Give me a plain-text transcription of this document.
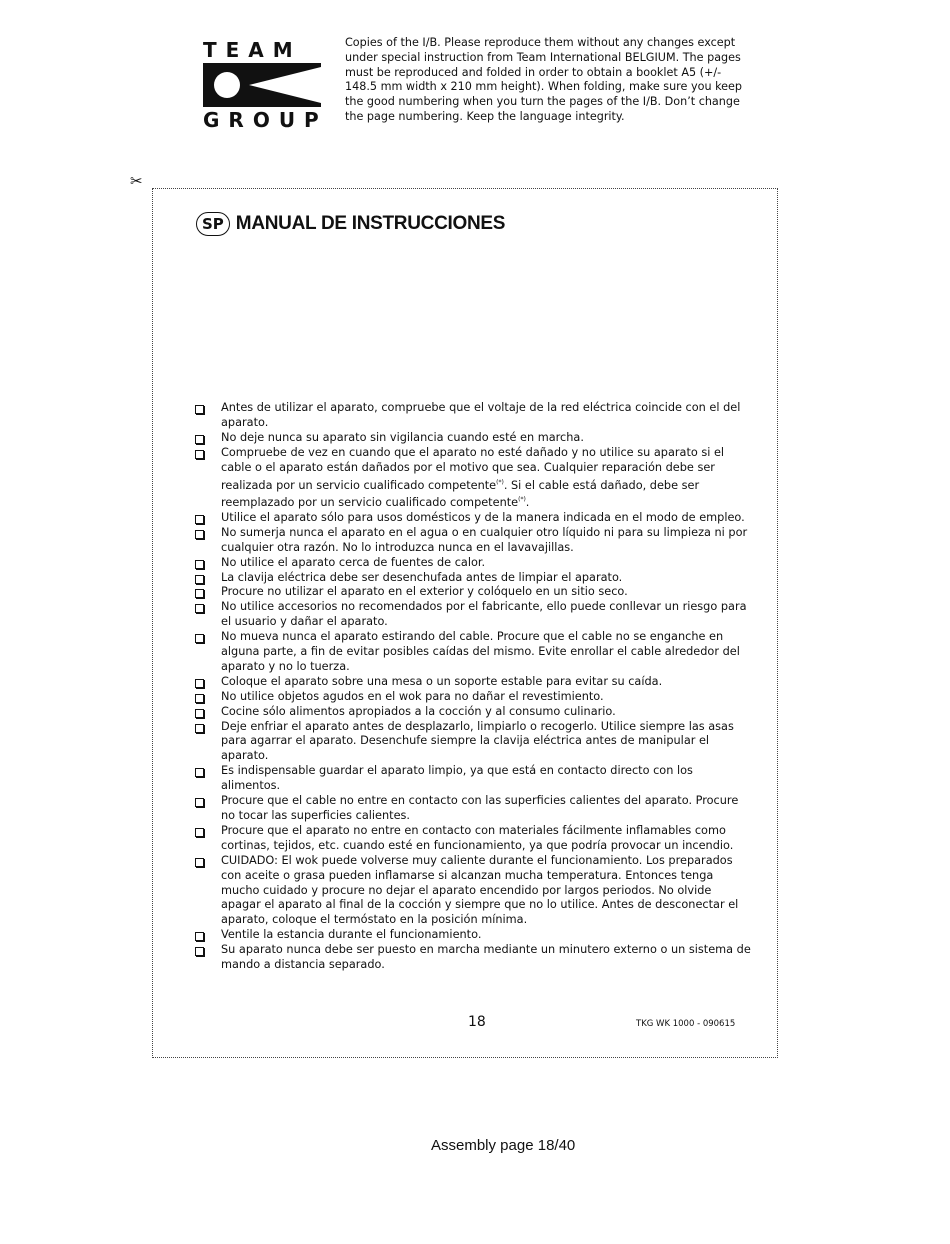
TEAM
GROUP
Copies of the I/B. Please reproduce them without any changes except under special instruction from Team International BELGIUM. The pages must be reproduced and folded in order to obtain a booklet A5 (+/- 148.5 mm width x 210 mm height). When folding, make sure you keep the good numbering when you turn the pages of the I/B. Don’t change the page numbering. Keep the language integrity.
✂
SP MANUAL DE INSTRUCCIONES
Antes de utilizar el aparato, compruebe que el voltaje de la red eléctrica coincide con el del aparato.
No deje nunca su aparato sin vigilancia cuando esté en marcha.
Compruebe de vez en cuando que el aparato no esté dañado y no utilice su aparato si el cable o el aparato están dañados por el motivo que sea. Cualquier reparación debe ser realizada por un servicio cualificado competente(*). Si el cable está dañado, debe ser reemplazado por un servicio cualificado competente(*).
Utilice el aparato sólo para usos domésticos y de la manera indicada en el modo de empleo.
No sumerja nunca el aparato en el agua o en cualquier otro líquido ni para su limpieza ni por cualquier otra razón. No lo introduzca nunca en el lavavajillas.
No utilice el aparato cerca de fuentes de calor.
La clavija eléctrica debe ser desenchufada antes de limpiar el aparato.
Procure no utilizar el aparato en el exterior y colóquelo en un sitio seco.
No utilice accesorios no recomendados por el fabricante, ello puede conllevar un riesgo para el usuario y dañar el aparato.
No mueva nunca el aparato estirando del cable. Procure que el cable no se enganche en alguna parte, a fin de evitar posibles caídas del mismo. Evite enrollar el cable alrededor del aparato y no lo tuerza.
Coloque el aparato sobre una mesa o un soporte estable para evitar su caída.
No utilice objetos agudos en el wok para no dañar el revestimiento.
Cocine sólo alimentos apropiados a la cocción y al consumo culinario.
Deje enfriar el aparato antes de desplazarlo, limpiarlo o recogerlo. Utilice siempre las asas para agarrar el aparato. Desenchufe siempre la clavija eléctrica antes de manipular el aparato.
Es indispensable guardar el aparato limpio, ya que está en contacto directo con los alimentos.
Procure que el cable no entre en contacto con las superficies calientes del aparato. Procure no tocar las superficies calientes.
Procure que el aparato no entre en contacto con materiales fácilmente inflamables como cortinas, tejidos, etc. cuando esté en funcionamiento, ya que podría provocar un incendio.
CUIDADO: El wok puede volverse muy caliente durante el funcionamiento. Los preparados con aceite o grasa pueden inflamarse si alcanzan mucha temperatura. Entonces tenga mucho cuidado y procure no dejar el aparato encendido por largos periodos. No olvide apagar el aparato al final de la cocción y siempre que no lo utilice. Antes de desconectar el aparato, coloque el termóstato en la posición mínima.
Ventile la estancia durante el funcionamiento.
Su aparato nunca debe ser puesto en marcha mediante un minutero externo o un sistema de mando a distancia separado.
18	TKG WK 1000 - 090615
Assembly page 18/40
